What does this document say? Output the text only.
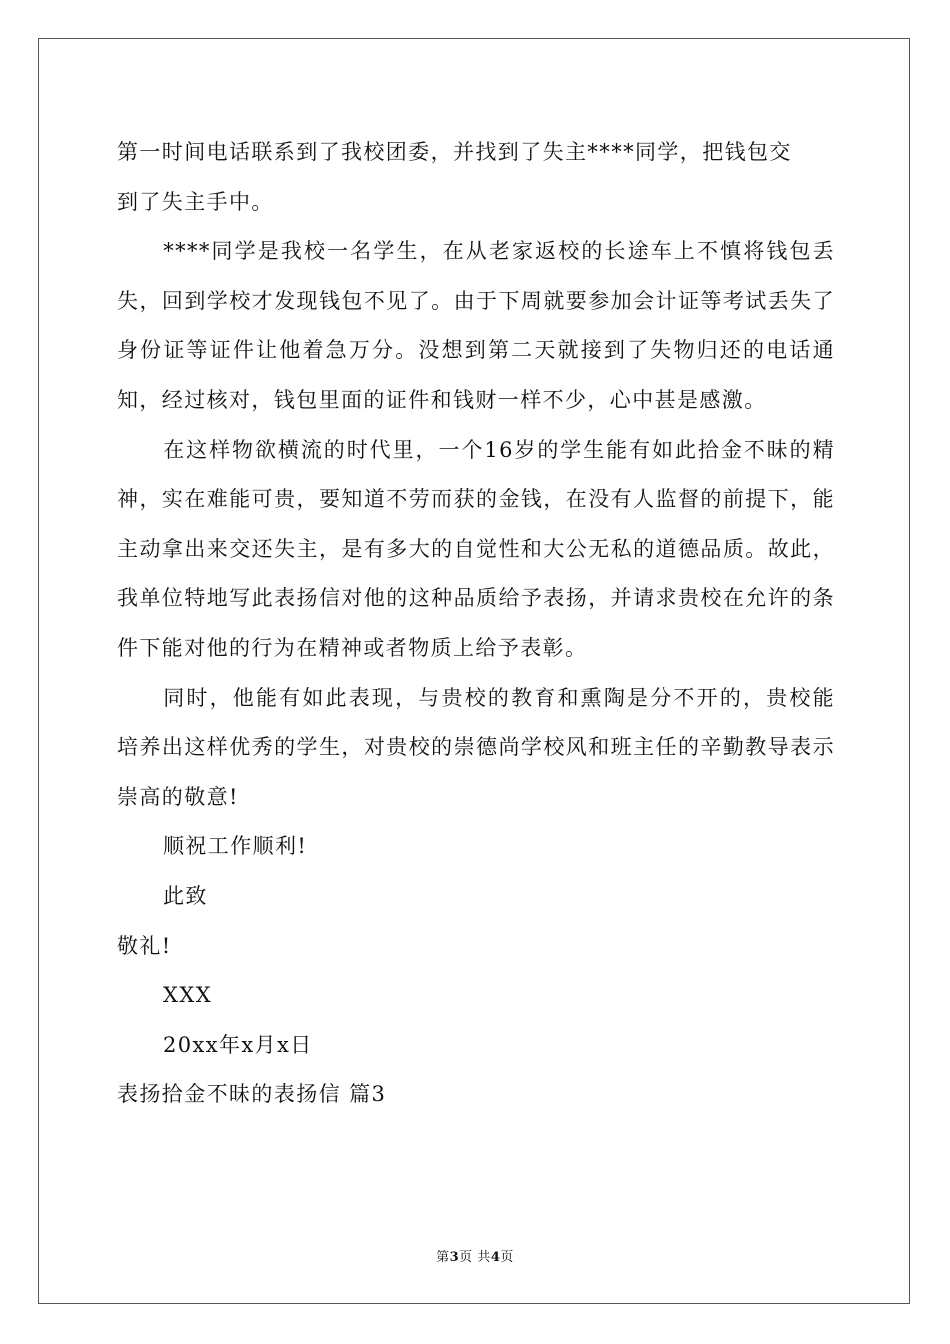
第一时间电话联系到了我校团委，并找到了失主****同学，把钱包交
到了失主手中。
****同学是我校一名学生，在从老家返校的长途车上不慎将钱包丢失，回到学校才发现钱包不见了。由于下周就要参加会计证等考试丢失了身份证等证件让他着急万分。没想到第二天就接到了失物归还的电话通知，经过核对，钱包里面的证件和钱财一样不少，心中甚是感激。
在这样物欲横流的时代里，一个16岁的学生能有如此拾金不昧的精神，实在难能可贵，要知道不劳而获的金钱，在没有人监督的前提下，能主动拿出来交还失主，是有多大的自觉性和大公无私的道德品质。故此，我单位特地写此表扬信对他的这种品质给予表扬，并请求贵校在允许的条件下能对他的行为在精神或者物质上给予表彰。
同时，他能有如此表现，与贵校的教育和熏陶是分不开的，贵校能培养出这样优秀的学生，对贵校的崇德尚学校风和班主任的辛勤教导表示崇高的敬意!
顺祝工作顺利!
此致
敬礼!
XXX
20xx年x月x日
表扬拾金不昧的表扬信 篇3
第3页 共4页
